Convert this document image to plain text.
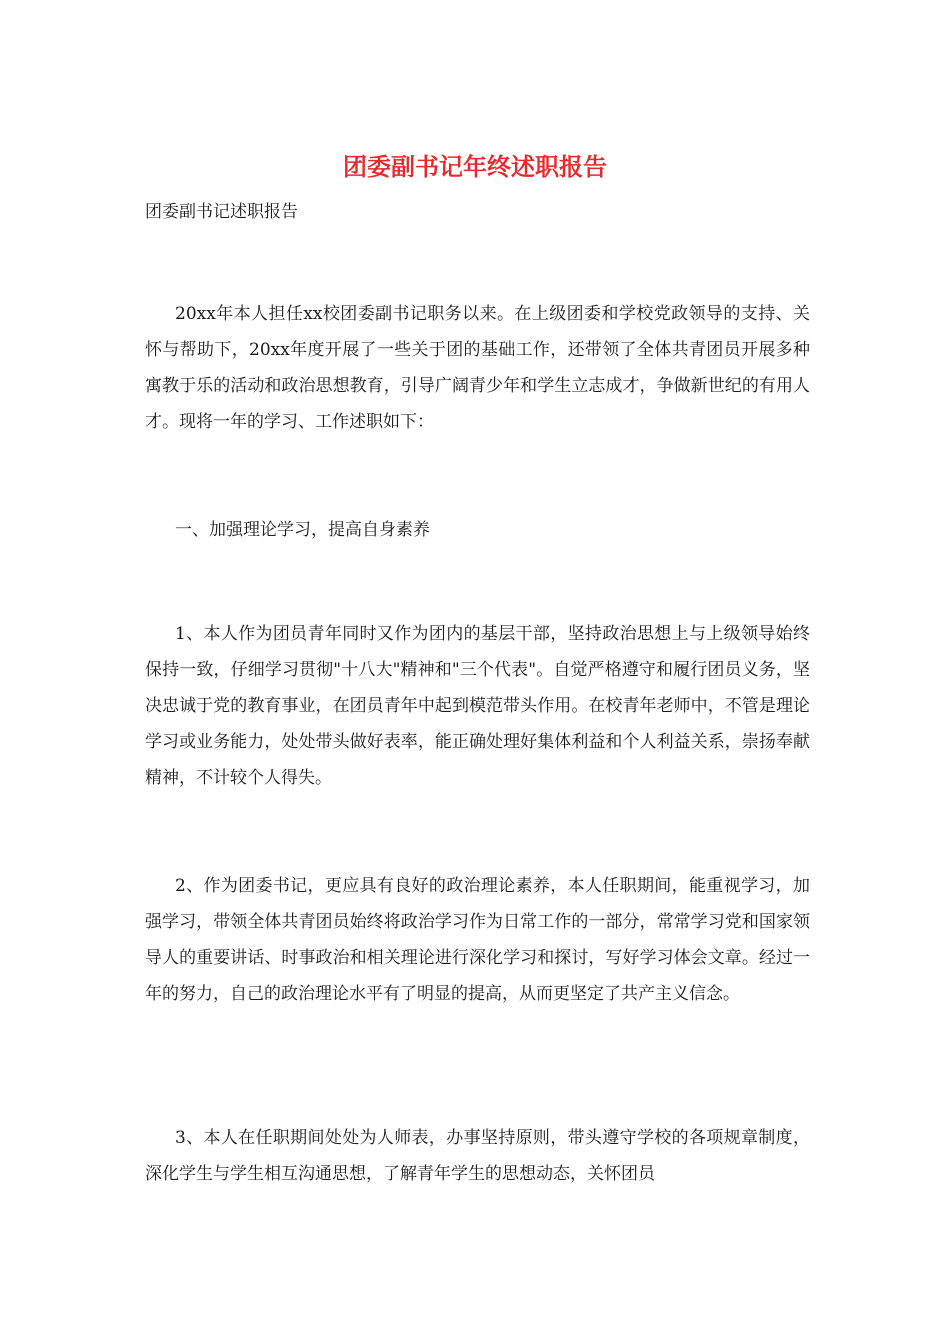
团委副书记年终述职报告
团委副书记述职报告

20xx年本人担任xx校团委副书记职务以来。在上级团委和学校党政领导的支持、关怀与帮助下，20xx年度开展了一些关于团的基础工作，还带领了全体共青团员开展多种寓教于乐的活动和政治思想教育，引导广阔青少年和学生立志成才，争做新世纪的有用人才。现将一年的学习、工作述职如下：

一、加强理论学习，提高自身素养

1、本人作为团员青年同时又作为团内的基层干部，坚持政治思想上与上级领导始终保持一致，仔细学习贯彻"十八大"精神和"三个代表"。自觉严格遵守和履行团员义务，坚决忠诚于党的教育事业，在团员青年中起到模范带头作用。在校青年老师中，不管是理论学习或业务能力，处处带头做好表率，能正确处理好集体利益和个人利益关系，崇扬奉献精神，不计较个人得失。

2、作为团委书记，更应具有良好的政治理论素养，本人任职期间，能重视学习，加强学习，带领全体共青团员始终将政治学习作为日常工作的一部分，常常学习党和国家领导人的重要讲话、时事政治和相关理论进行深化学习和探讨，写好学习体会文章。经过一年的努力，自己的政治理论水平有了明显的提高，从而更坚定了共产主义信念。

3、本人在任职期间处处为人师表，办事坚持原则，带头遵守学校的各项规章制度，深化学生与学生相互沟通思想，了解青年学生的思想动态，关怀团员
